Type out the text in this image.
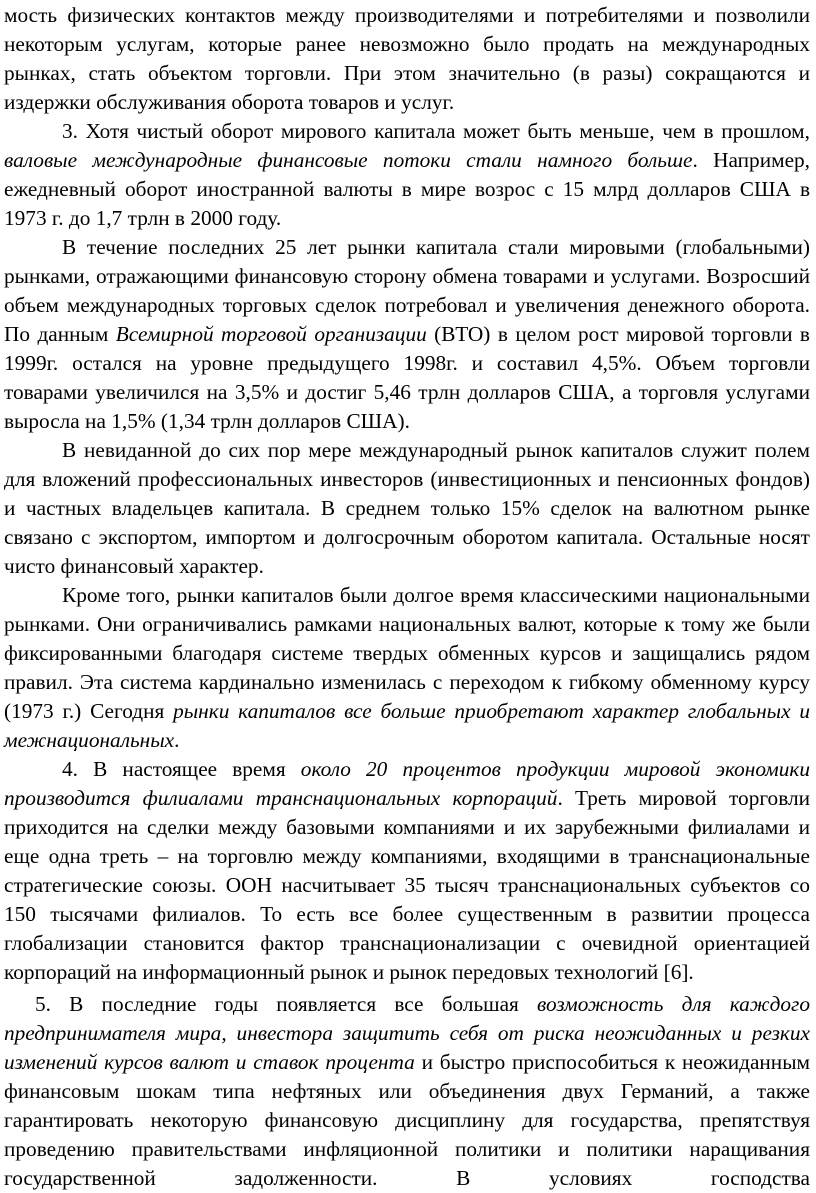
мость физических контактов между производителями и потребителями и позволили некоторым услугам, которые ранее невозможно было продать на международных рынках, стать объектом торговли. При этом значительно (в разы) сокращаются и издержки обслуживания оборота товаров и услуг.

3. Хотя чистый оборот мирового капитала может быть меньше, чем в прошлом, валовые международные финансовые потоки стали намного больше. Например, ежедневный оборот иностранной валюты в мире возрос с 15 млрд долларов США в 1973 г. до 1,7 трлн в 2000 году.

В течение последних 25 лет рынки капитала стали мировыми (глобальными) рынками, отражающими финансовую сторону обмена товарами и услугами. Возросший объем международных торговых сделок потребовал и увеличения денежного оборота. По данным Всемирной торговой организации (ВТО) в целом рост мировой торговли в 1999г. остался на уровне предыдущего 1998г. и составил 4,5%. Объем торговли товарами увеличился на 3,5% и достиг 5,46 трлн долларов США, а торговля услугами выросла на 1,5% (1,34 трлн долларов США).

В невиданной до сих пор мере международный рынок капиталов служит полем для вложений профессиональных инвесторов (инвестиционных и пенсионных фондов) и частных владельцев капитала. В среднем только 15% сделок на валютном рынке связано с экспортом, импортом и долгосрочным оборотом капитала. Остальные носят чисто финансовый характер.

Кроме того, рынки капиталов были долгое время классическими национальными рынками. Они ограничивались рамками национальных валют, которые к тому же были фиксированными благодаря системе твердых обменных курсов и защищались рядом правил. Эта система кардинально изменилась с переходом к гибкому обменному курсу (1973 г.) Сегодня рынки капиталов все больше приобретают характер глобальных и межнациональных.

4. В настоящее время около 20 процентов продукции мировой экономики производится филиалами транснациональных корпораций. Треть мировой торговли приходится на сделки между базовыми компаниями и их зарубежными филиалами и еще одна треть – на торговлю между компаниями, входящими в транснациональные стратегические союзы. ООН насчитывает 35 тысяч транснациональных субъектов со 150 тысячами филиалов. То есть все более существенным в развитии процесса глобализации становится фактор транснационализации с очевидной ориентацией корпораций на информационный рынок и рынок передовых технологий [6].

5. В последние годы появляется все большая возможность для каждого предпринимателя мира, инвестора защитить себя от риска неожиданных и резких изменений курсов валют и ставок процента и быстро приспособиться к неожиданным финансовым шокам типа нефтяных или объединения двух Германий, а также гарантировать некоторую финансовую дисциплину для государства, препятствуя проведению правительствами инфляционной политики и политики наращивания государственной задолженности. В условиях господства
